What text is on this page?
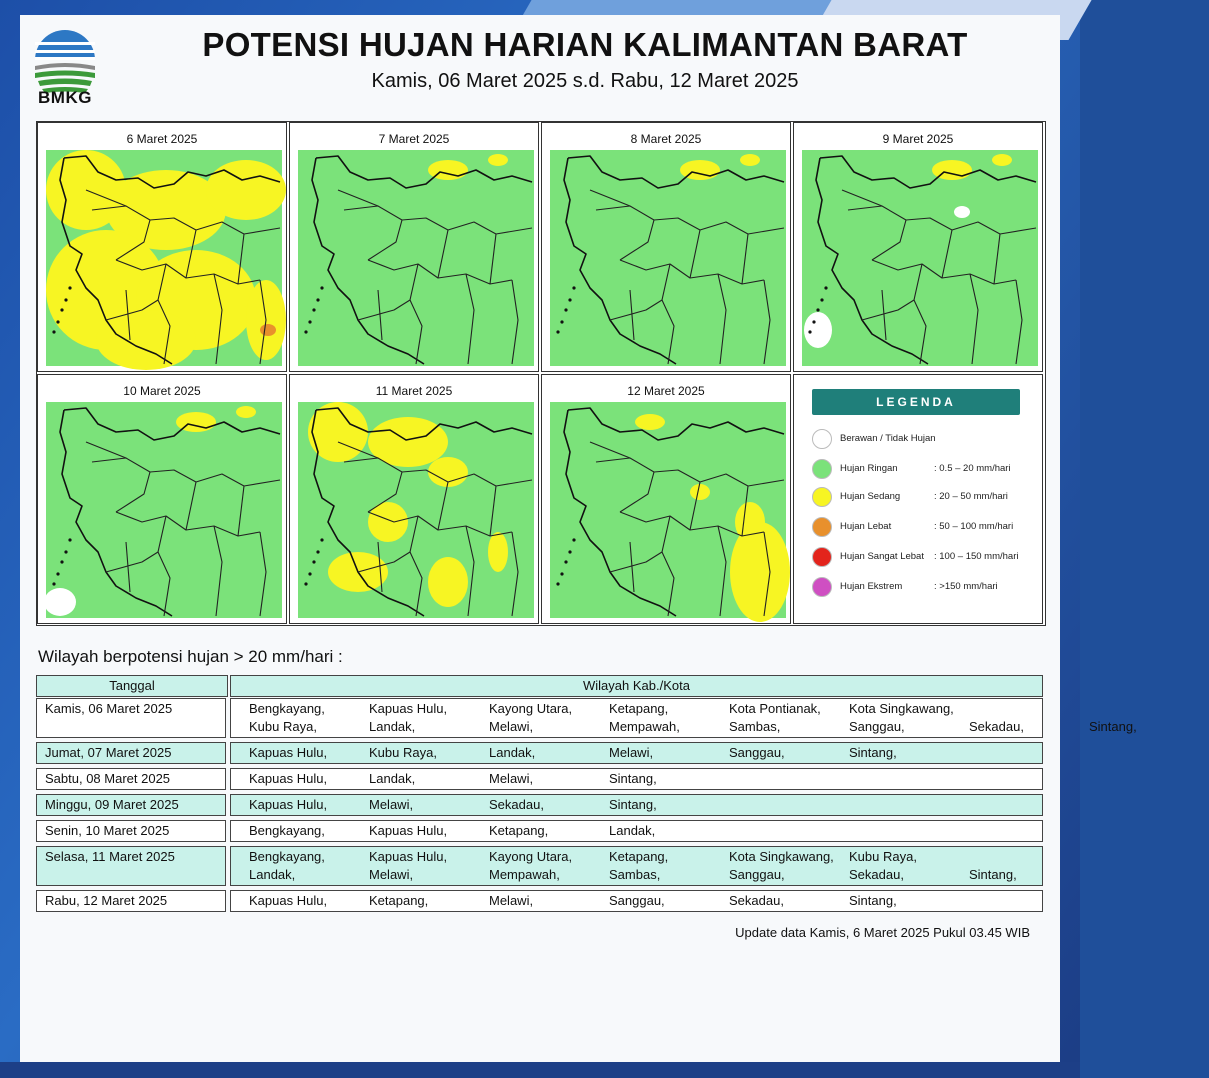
BMKG
POTENSI HUJAN HARIAN KALIMANTAN BARAT
Kamis, 06 Maret 2025 s.d. Rabu, 12 Maret 2025
6 Maret 2025	7 Maret 2025	8 Maret 2025	9 Maret 2025
10 Maret 2025	11 Maret 2025	12 Maret 2025
LEGENDA
Berawan / Tidak Hujan
Hujan Ringan	: 0.5 – 20 mm/hari
Hujan Sedang	: 20 – 50 mm/hari
Hujan Lebat	: 50 – 100 mm/hari
Hujan Sangat Lebat : 100 – 150 mm/hari
Hujan Ekstrem	: >150 mm/hari
Wilayah berpotensi hujan > 20 mm/hari :
Tanggal	Wilayah Kab./Kota
Kamis, 06 Maret 2025	Bengkayang,	Kapuas Hulu,	Kayong Utara,	Ketapang,	Kota Pontianak, Kota Singkawang,
Kubu Raya,	Landak,	Melawi,	Mempawah,	Sambas,	Sanggau,	Sekadau,	Sintang,
Jumat, 07 Maret 2025	Kapuas Hulu,	Kubu Raya,	Landak,	Melawi,	Sanggau,	Sintang,
Sabtu, 08 Maret 2025	Kapuas Hulu,	Landak,	Melawi,	Sintang,
Minggu, 09 Maret 2025	Kapuas Hulu,	Melawi,	Sekadau,	Sintang,
Senin, 10 Maret 2025	Bengkayang,	Kapuas Hulu,	Ketapang,	Landak,
Selasa, 11 Maret 2025	Bengkayang,	Kapuas Hulu,	Kayong Utara,	Ketapang,	Kota Singkawang, Kubu Raya,
Landak,	Melawi,	Mempawah,	Sambas,	Sanggau,	Sekadau,	Sintang,
Rabu, 12 Maret 2025	Kapuas Hulu,	Ketapang,	Melawi,	Sanggau,	Sekadau,	Sintang,
Update data Kamis, 6 Maret 2025 Pukul 03.45 WIB
